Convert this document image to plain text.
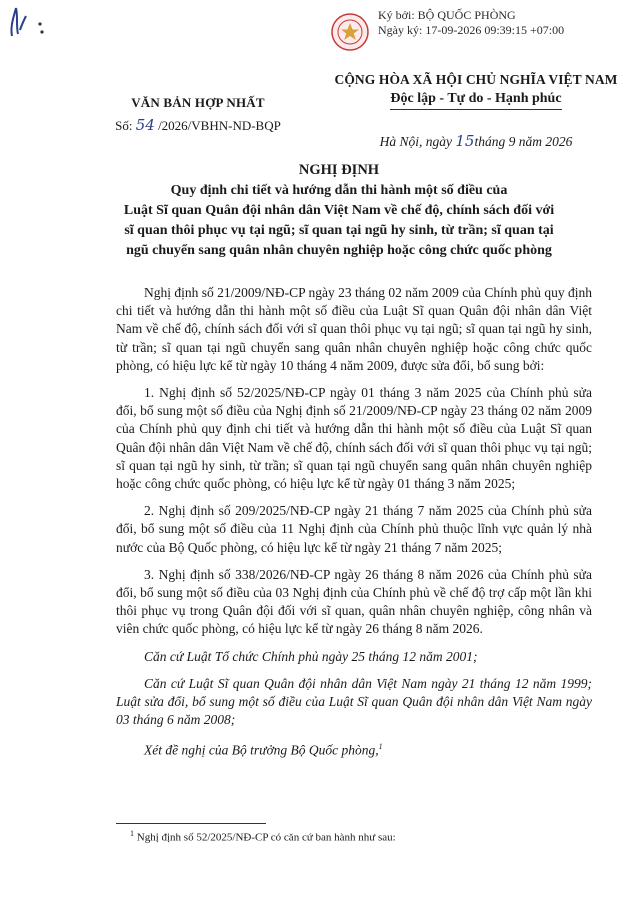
Ký bởi: BỘ QUỐC PHÒNG
Ngày ký: 17-09-2026 09:39:15 +07:00
VĂN BẢN HỢP NHẤT
Số: 54 /2026/VBHN-ND-BQP
CỘNG HÒA XÃ HỘI CHỦ NGHĨA VIỆT NAM
Độc lập - Tự do - Hạnh phúc
Hà Nội, ngày 15tháng 9 năm 2026
NGHỊ ĐỊNH
Quy định chi tiết và hướng dẫn thi hành một số điều của
Luật Sĩ quan Quân đội nhân dân Việt Nam về chế độ, chính sách đối với
sĩ quan thôi phục vụ tại ngũ; sĩ quan tại ngũ hy sinh, từ trần; sĩ quan tại
ngũ chuyển sang quân nhân chuyên nghiệp hoặc công chức quốc phòng

Nghị định số 21/2009/NĐ-CP ngày 23 tháng 02 năm 2009 của Chính phủ quy định chi tiết và hướng dẫn thi hành một số điều của Luật Sĩ quan Quân đội nhân dân Việt Nam về chế độ, chính sách đối với sĩ quan thôi phục vụ tại ngũ; sĩ quan tại ngũ hy sinh, từ trần; sĩ quan tại ngũ chuyển sang quân nhân chuyên nghiệp hoặc công chức quốc phòng, có hiệu lực kể từ ngày 10 tháng 4 năm 2009, được sửa đổi, bổ sung bởi:

1. Nghị định số 52/2025/NĐ-CP ngày 01 tháng 3 năm 2025 của Chính phủ sửa đổi, bổ sung một số điều của Nghị định số 21/2009/NĐ-CP ngày 23 tháng 02 năm 2009 của Chính phủ quy định chi tiết và hướng dẫn thi hành một số điều của Luật Sĩ quan Quân đội nhân dân Việt Nam về chế độ, chính sách đối với sĩ quan thôi phục vụ tại ngũ; sĩ quan tại ngũ hy sinh, từ trần; sĩ quan tại ngũ chuyển sang quân nhân chuyên nghiệp hoặc công chức quốc phòng, có hiệu lực kể từ ngày 01 tháng 3 năm 2025;

2. Nghị định số 209/2025/NĐ-CP ngày 21 tháng 7 năm 2025 của Chính phủ sửa đổi, bổ sung một số điều của 11 Nghị định của Chính phủ thuộc lĩnh vực quản lý nhà nước của Bộ Quốc phòng, có hiệu lực kể từ ngày 21 tháng 7 năm 2025;

3. Nghị định số 338/2026/NĐ-CP ngày 26 tháng 8 năm 2026 của Chính phủ sửa đổi, bổ sung một số điều của 03 Nghị định của Chính phủ về chế độ trợ cấp một lần khi thôi phục vụ trong Quân đội đối với sĩ quan, quân nhân chuyên nghiệp, công nhân và viên chức quốc phòng, có hiệu lực kể từ ngày 26 tháng 8 năm 2026.

Căn cứ Luật Tổ chức Chính phủ ngày 25 tháng 12 năm 2001;

Căn cứ Luật Sĩ quan Quân đội nhân dân Việt Nam ngày 21 tháng 12 năm 1999; Luật sửa đổi, bổ sung một số điều của Luật Sĩ quan Quân đội nhân dân Việt Nam ngày 03 tháng 6 năm 2008;

Xét đề nghị của Bộ trưởng Bộ Quốc phòng,$^1$

$^1$ Nghị định số 52/2025/NĐ-CP có căn cứ ban hành như sau:
